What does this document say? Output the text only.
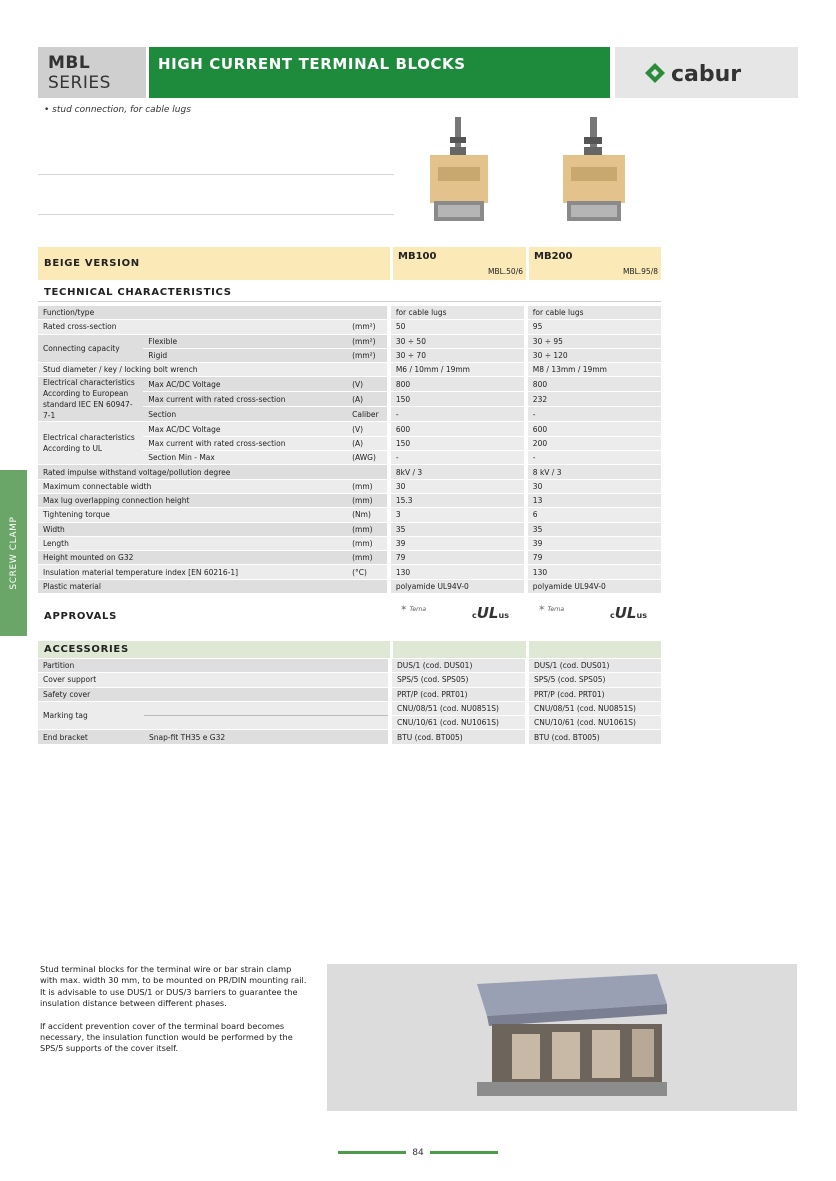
MBL
SERIES
HIGH CURRENT TERMINAL BLOCKS	cabur
• stud connection, for cable lugs
BEIGE VERSION
MB100
MBL.50/6
MB200
MBL.95/8
TECHNICAL CHARACTERISTICS
Function/type				for cable lugs		for cable lugs
Rated cross-section		(mm²)		50		95
Connecting capacity	Flexible	(mm²)		30 ÷ 50		30 ÷ 95
	Rigid	(mm²)		30 ÷ 70		30 ÷ 120
Stud diameter / key / locking bolt wrench				M6 / 10mm / 19mm		M8 / 13mm / 19mm
Electrical characteristics According to European standard IEC EN 60947-7-1	Max AC/DC Voltage	(V)		800		800
	Max current with rated cross-section	(A)		150		232
	Section	Caliber		-		-
Electrical characteristics According to UL	Max AC/DC Voltage	(V)		600		600
	Max current with rated cross-section	(A)		150		200
	Section Min - Max	(AWG)		-		-
Rated impulse withstand voltage/pollution degree				8kV / 3		8 kV / 3
Maximum connectable width		(mm)		30		30
Max lug overlapping connection height		(mm)		15.3		13
Tightening torque		(Nm)		3		6
Width		(mm)		35		35
Length		(mm)		39		39
Height mounted on G32		(mm)		79		79
Insulation material temperature index [EN 60216-1]		(°C)		130		130
Plastic material				polyamide UL94V-0		polyamide UL94V-0
APPROVALS
✶ Terna
cULus
✶ Terna
cULus
ACCESSORIES
Partition			DUS/1 (cod. DUS01)		DUS/1 (cod. DUS01)
Cover support			SPS/5 (cod. SPS05)		SPS/5 (cod. SPS05)
Safety cover			PRT/P (cod. PRT01)		PRT/P (cod. PRT01)
Marking tag			CNU/08/51 (cod. NU0851S)		CNU/08/51 (cod. NU0851S)
			CNU/10/61 (cod. NU1061S)		CNU/10/61 (cod. NU1061S)
End bracket	Snap-fit TH35 e G32		BTU (cod. BT005)		BTU (cod. BT005)
SCREW CLAMP
Stud terminal blocks for the terminal wire or bar strain clamp with max. width 30 mm, to be mounted on PR/DIN mounting rail. It is advisable to use DUS/1 or DUS/3 barriers to guarantee the insulation distance between different phases.
If accident prevention cover of the terminal board becomes necessary, the insulation function would be performed by the SPS/5 supports of the cover itself.
84
